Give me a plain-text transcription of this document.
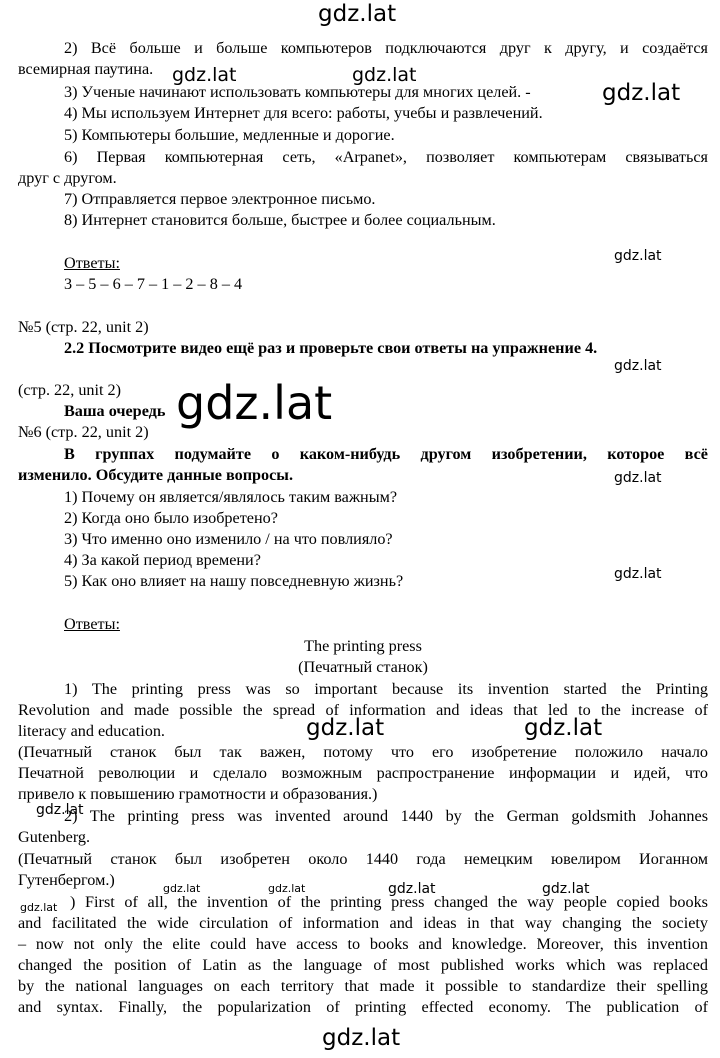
2) Всё больше и больше компьютеров подключаются друг к другу, и создаётся
всемирная паутина.
3) Ученые начинают использовать компьютеры для многих целей. -
4) Мы используем Интернет для всего: работы, учебы и развлечений.
5) Компьютеры большие, медленные и дорогие.
6) Первая компьютерная сеть, «Arpanet», позволяет компьютерам связываться
друг с другом.
7) Отправляется первое электронное письмо.
8) Интернет становится больше, быстрее и более социальным.
Ответы:
3 – 5 – 6 – 7 – 1 – 2 – 8 – 4
№5 (стр. 22, unit 2)
2.2 Посмотрите видео ещё раз и проверьте свои ответы на упражнение 4.
(стр. 22, unit 2)
Ваша очередь
№6 (стр. 22, unit 2)
В группах подумайте о каком-нибудь другом изобретении, которое всё
изменило. Обсудите данные вопросы.
1) Почему он является/являлось таким важным?
2) Когда оно было изобретено?
3) Что именно оно изменило / на что повлияло?
4) За какой период времени?
5) Как оно влияет на нашу повседневную жизнь?
Ответы:
The printing press
(Печатный станок)
1) The printing press was so important because its invention started the Printing
Revolution and made possible the spread of information and ideas that led to the increase of
literacy and education.
(Печатный станок был так важен, потому что его изобретение положило начало
Печатной революции и сделало возможным распространение информации и идей, что
привело к повышению грамотности и образования.)
2) The printing press was invented around 1440 by the German goldsmith Johannes
Gutenberg.
(Печатный станок был изобретен около 1440 года немецким ювелиром Иоганном
Гутенбергом.)
) First of all, the invention of the printing press changed the way people copied books
and facilitated the wide circulation of information and ideas in that way changing the society
– now not only the elite could have access to books and knowledge. Moreover, this invention
changed the position of Latin as the language of most published works which was replaced
by the national languages on each territory that made it possible to standardize their spelling
and syntax. Finally, the popularization of printing effected economy. The publication of
gdz.lat
gdz.lat	gdz.lat
gdz.lat
gdz.lat
gdz.lat
gdz.lat
gdz.lat
gdz.lat
gdz.lat	gdz.lat
gdz.lat
gdz.lat	gdz.lat	gdz.lat	gdz.lat
gdz.lat
gdz.lat
